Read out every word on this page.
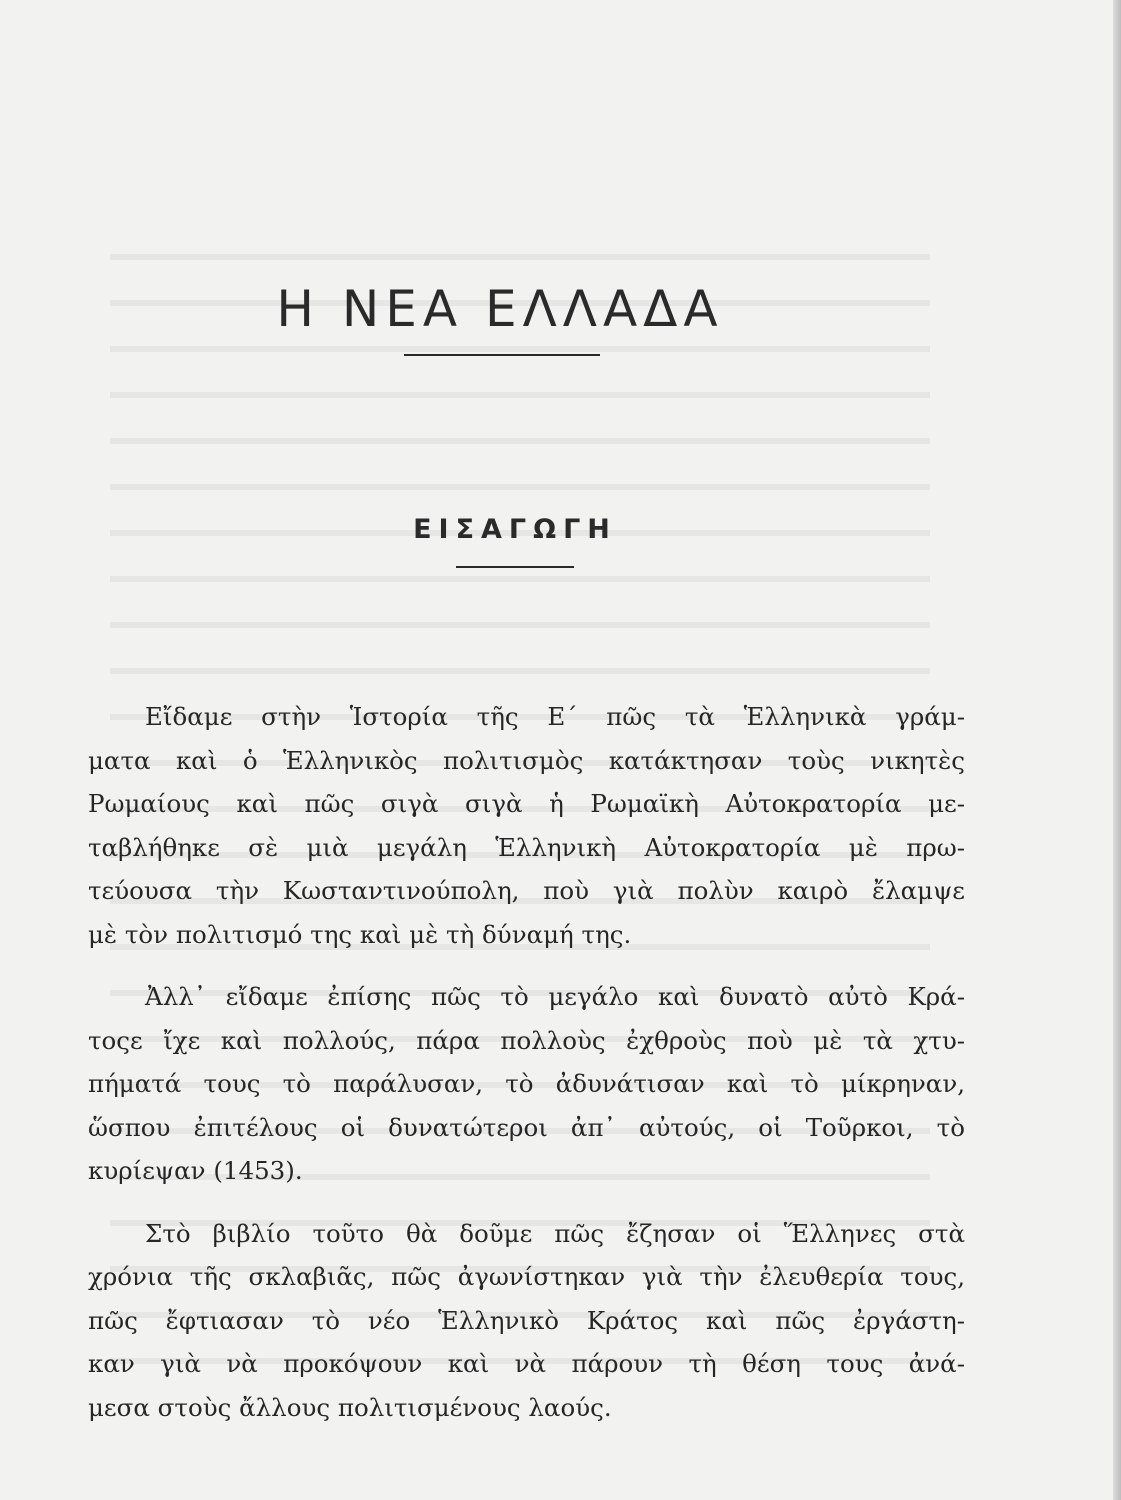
Η ΝΕΑ ΕΛΛΑΔΑ
ΕΙΣΑΓΩΓΗ

Εἴδαμε στὴν Ἱστορία τῆς Ε΄ πῶς τὰ Ἑλληνικὰ γράμ-
ματα καὶ ὁ Ἑλληνικὸς πολιτισμὸς κατάκτησαν τοὺς νικητὲς
Ρωμαίους καὶ πῶς σιγὰ σιγὰ ἡ Ρωμαϊκὴ Αὐτοκρατορία με-
ταβλήθηκε σὲ μιὰ μεγάλη Ἑλληνικὴ Αὐτοκρατορία μὲ πρω-
τεύουσα τὴν Κωσταντινούπολη, ποὺ γιὰ πολὺν καιρὸ ἔλαμψε
μὲ τὸν πολιτισμό της καὶ μὲ τὴ δύναμή της.

Ἀλλ᾿ εἴδαμε ἐπίσης πῶς τὸ μεγάλο καὶ δυνατὸ αὐτὸ Κρά-
τοςε ἴχε καὶ πολλούς, πάρα πολλοὺς ἐχθροὺς ποὺ μὲ τὰ χτυ-
πήματά τους τὸ παράλυσαν, τὸ ἀδυνάτισαν καὶ τὸ μίκρηναν,
ὥσπου ἐπιτέλους οἱ δυνατώτεροι ἀπ᾿ αὐτούς, οἱ Τοῦρκοι, τὸ
κυρίεψαν (1453).

Στὸ βιβλίο τοῦτο θὰ δοῦμε πῶς ἔζησαν οἱ Ἕλληνες στὰ
χρόνια τῆς σκλαβιᾶς, πῶς ἀγωνίστηκαν γιὰ τὴν ἐλευθερία τους,
πῶς ἔφτιασαν τὸ νέο Ἑλληνικὸ Κράτος καὶ πῶς ἐργάστη-
καν γιὰ νὰ προκόψουν καὶ νὰ πάρουν τὴ θέση τους ἀνά-
μεσα στοὺς ἄλλους πολιτισμένους λαούς.
